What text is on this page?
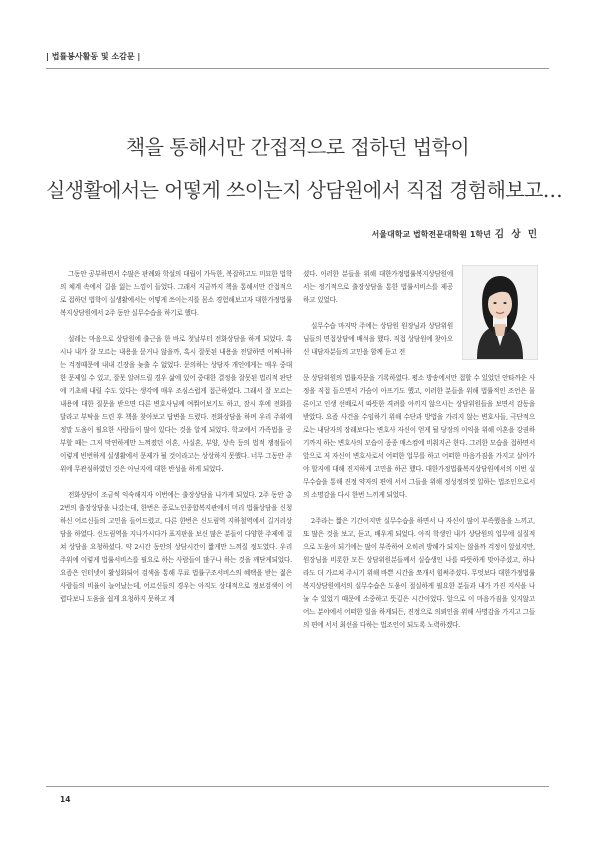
| 법률봉사활동 및 소감문 |
책을 통해서만 간접적으로 접하던 법학이
실생활에서는 어떻게 쓰이는지 상담원에서 직접 경험해보고…
서울대학교 법학전문대학원 1학년 김 상 민

그동안 공부하면서 수많은 판례와 학설의 대립이 가득한, 복잡하고도 미묘한 법학의 체계 속에서 길을 잃는 느낌이 들었다. 그래서 지금까지 책을 통해서만 간접적으로 접하던 법학이 실생활에서는 어떻게 쓰이는지를 몸소 경험해보고자 대한가정법률복지상담원에서 2주 동안 실무수습을 하기로 했다.

설레는 마음으로 상담원에 출근을 한 바로 첫날부터 전화상담을 하게 되었다. 혹시나 내가 잘 모르는 내용을 묻거나 않을까, 혹시 잘못된 내용을 전달하면 어쩌나하는 걱정때문에 내내 긴장을 늦출 수 없었다. 문의하는 상담자 개인에게는 매우 중대한 문제일 수 있고, 잘못 알려드릴 경우 삶에 있어 중대한 결정을 잘못된 법리적 판단에 기초해 내릴 수도 있다는 생각에 매우 조심스럽게 접근하였다. 그래서 잘 모르는 내용에 대한 질문을 받으면 다른 변호사님께 여쭤어보기도 하고, 잠시 후에 전화를 달라고 부탁을 드린 후 책을 찾아보고 답변을 드렸다. 전화상담을 하며 우리 주위에 정말 도움이 필요한 사람들이 많이 있다는 것을 알게 되었다. 학교에서 가족법을 공부할 때는 그저 막연하게만 느껴졌던 이혼, 사실혼, 부양, 상속 등의 법적 쟁점들이 이렇게 빈번하게 실생활에서 문제가 될 것이라고는 상상하지 못했다. 너무 그동안 주위에 무관심하였던 것은 아닌지에 대한 반성을 하게 되었다.

전화상담이 조금씩 익숙해지자 이번에는 출장상담을 나가게 되었다. 2주 동안 총 2번의 출장상담을 나갔는데, 한번은 종로노인종합복지관에서 미리 법률상담을 신청하신 어르신들의 고민을 들어드렸고, 다른 한번은 신도림역 지하철역에서 길거리상담을 하였다. 신도림역을 지나가시다가 표지판을 보신 많은 분들이 다양한 주제에 걸쳐 상담을 요청하셨다. 약 2시간 동안의 상담시간이 짧게만 느껴질 정도였다. 우리 주위에 이렇게 법률서비스를 필요로 하는 사람들이 많구나 하는 것을 깨닫게되었다. 요즘은 인터넷이 활성화되어 검색을 통해 무료 법률구조서비스의 혜택을 받는 젊은 사람들의 비율이 늘어났는데, 어르신들의 경우는 아직도 상대적으로 정보검색이 어렵다보니 도움을 쉽게 요청하지 못하고 계

셨다. 이러한 분들을 위해 대한가정법률복지상담원에서는 정기적으로 출장상담을 통한 법률서비스를 제공하고 있었다.

실무수습 마지막 주에는 상담원 원장님과 상담위원님들의 면접상담에 배석을 했다. 직접 상담원에 찾아오신 내담자분들의 고민을 함께 듣고 전

문 상담위원의 법률자문을 기록하였다. 평소 방송에서만 접할 수 있었던 안타까운 사정을 직접 들으면서 가슴이 아프기도 했고, 이러한 분들을 위해 법률적인 조언은 물론이고 인생 선배로서 따뜻한 격려를 아끼지 않으시는 상담위원들을 보면서 감동을 받았다. 요즘 사건을 수임하기 위해 수단과 방법을 가리지 않는 변호사들, 극단적으로는 내담자의 장래보다는 변호사 자신이 얻게 될 당장의 이익을 위해 이혼을 강권하기까지 하는 변호사의 모습이 종종 매스컴에 비춰지곤 한다. 그러한 모습을 접하면서 앞으로 저 자신이 변호사로서 어떠한 업무를 하고 어떠한 마음가짐을 가지고 살아가야 할지에 대해 진지하게 고민을 하곤 했다. 대한가정법률복지상담원에서의 이번 실무수습을 통해 진정 약자의 편에 서서 그들을 위해 정성정의껏 일하는 법조인으로서의 소명감을 다시 한번 느끼게 되었다.

2주라는 짧은 기간이지만 실무수습을 하면서 나 자신이 많이 부족했음을 느끼고, 또 많은 것을 보고, 듣고, 배우게 되었다. 아직 학생인 내가 상담원의 업무에 실질적으로 도움이 되기에는 많이 부족하여 오히려 방해가 되지는 않을까 걱정이 앞섰지만, 원장님을 비롯한 모든 상담위원분들께서 실습생인 나를 따뜻하게 맞아주셨고, 하나라도 더 가르쳐 주시기 위해 바쁜 시간을 쪼개서 힘써주셨다. 무엇보다 대한가정법률복지상담원에서의 실무수습은 도움이 절실하게 필요한 분들과 내가 가진 지식을 나눌 수 있었기 때문에 소중하고 뜻깊은 시간이었다. 앞으로 이 마음가짐을 잊지않고 어느 분야에서 어떠한 일을 하게되든, 진정으로 의뢰인을 위해 사명감을 가지고 그들의 편에 서서 최선을 다하는 법조인이 되도록 노력하겠다.

14
